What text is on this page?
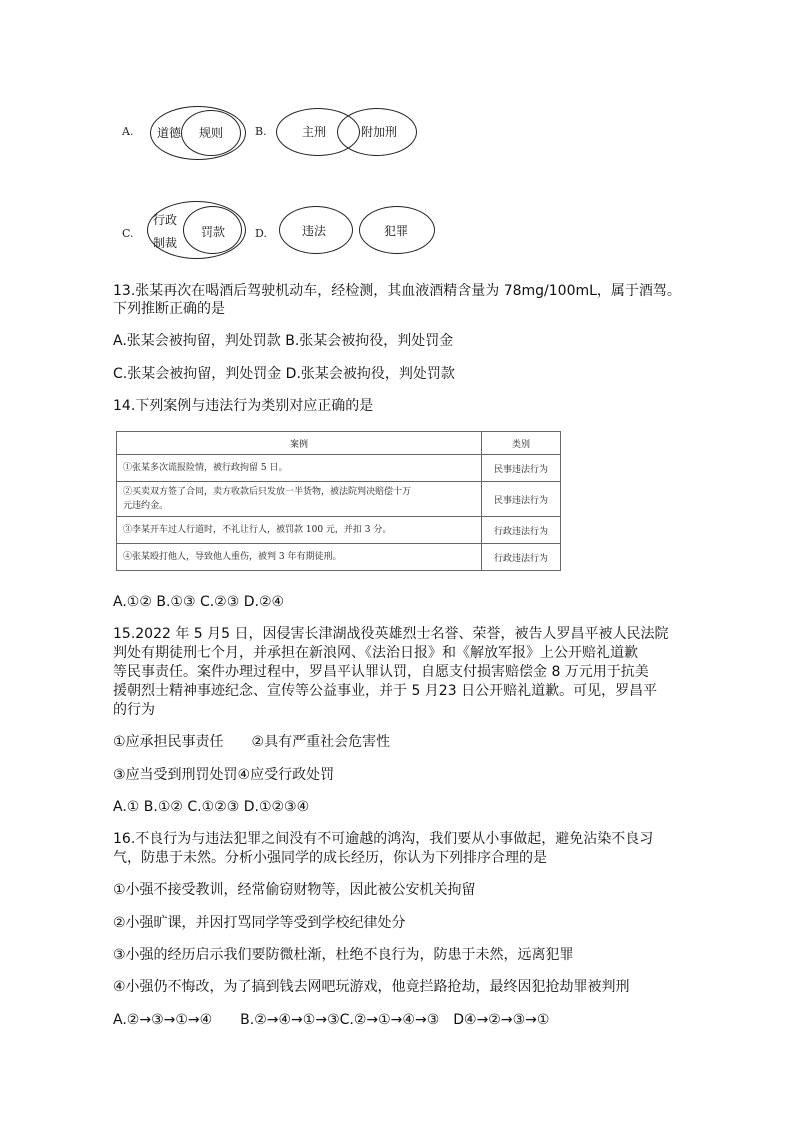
A. 道德 规则	B.	主刑	附加刑
C.
行政
制裁
罚款	D.	违法	犯罪
13.张某再次在喝酒后驾驶机动车，经检测，其血液酒精含量为 78mg/100mL，属于酒驾。
下列推断正确的是
A.张某会被拘留，判处罚款 B.张某会被拘役，判处罚金
C.张某会被拘留，判处罚金 D.张某会被拘役，判处罚款
14.下列案例与违法行为类别对应正确的是
案例	类别
①张某多次谎报险情，被行政拘留 5 日。	民事违法行为

②买卖双方签了合同，卖方收款后只发放一半货物，被法院判决赔偿十万
元违约金。	民事违法行为
③李某开车过人行道时，不礼让行人，被罚款 100 元，并扣 3 分。	行政违法行为
④张某殴打他人，导致他人重伤，被判 3 年有期徒刑。	行政违法行为
A.①② B.①③ C.②③ D.②④
15.2022 年 5 月5 日，因侵害长津湖战役英雄烈士名誉、荣誉，被告人罗昌平被人民法院
判处有期徒刑七个月，并承担在新浪网、《法治日报》和《解放军报》上公开赔礼道歉
等民事责任。案件办理过程中，罗昌平认罪认罚，自愿支付损害赔偿金 8 万元用于抗美
援朝烈士精神事迹纪念、宣传等公益事业，并于 5 月23 日公开赔礼道歉。可见，罗昌平
的行为
①应承担民事责任　　②具有严重社会危害性
③应当受到刑罚处罚④应受行政处罚
A.① B.①② C.①②③ D.①②③④
16.不良行为与违法犯罪之间没有不可逾越的鸿沟，我们要从小事做起，避免沾染不良习
气，防患于未然。分析小强同学的成长经历，你认为下列排序合理的是
①小强不接受教训，经常偷窃财物等，因此被公安机关拘留
②小强旷课，并因打骂同学等受到学校纪律处分
③小强的经历启示我们要防微杜渐，杜绝不良行为，防患于未然，远离犯罪
④小强仍不悔改，为了搞到钱去网吧玩游戏，他竟拦路抢劫，最终因犯抢劫罪被判刑
A.②→③→①→④　　B.②→④→①→③C.②→①→④→③　D④→②→③→①
